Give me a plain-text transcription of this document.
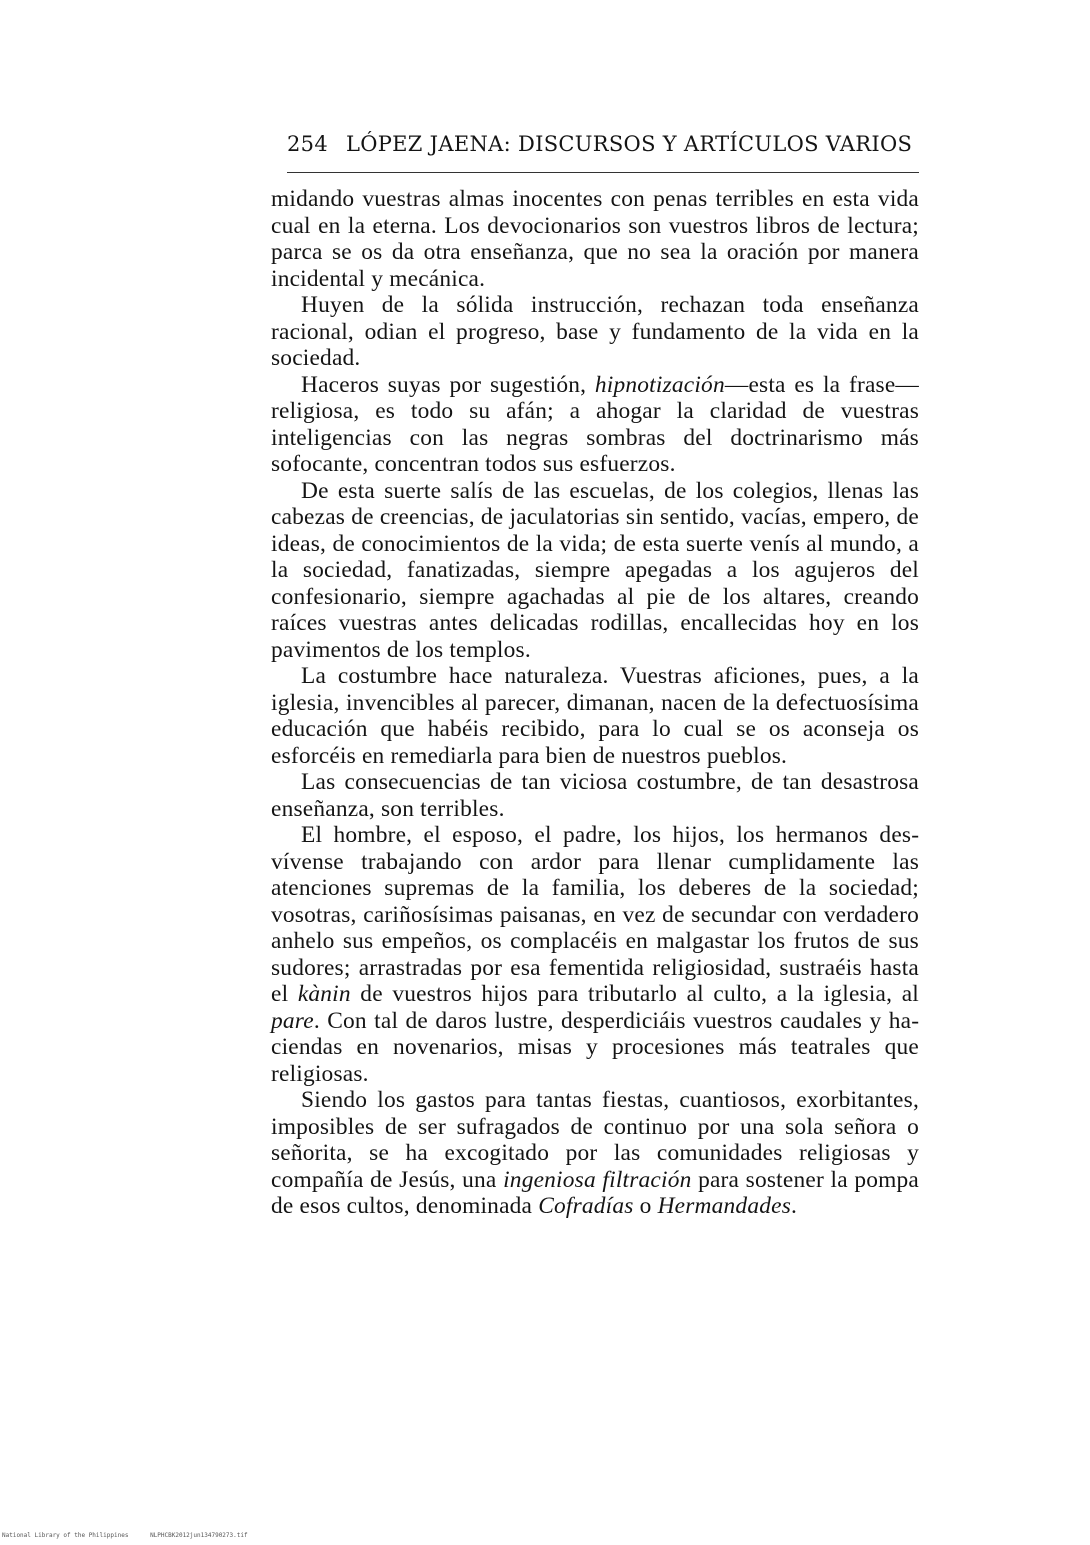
254 LÓPEZ JAENA: DISCURSOS Y ARTÍCULOS VARIOS

midando vuestras almas inocentes con penas terribles en esta vida cual en la eterna. Los devocionarios son vuestros libros de lectura; parca se os da otra enseñanza, que no sea la oración por manera incidental y mecánica.

Huyen de la sólida instrucción, rechazan toda enseñanza racional, odian el progreso, base y fundamento de la vida en la sociedad.

Haceros suyas por sugestión, hipnotización—esta es la frase—religiosa, es todo su afán; a ahogar la claridad de vuestras inteligencias con las negras sombras del doctrinarismo más sofocante, concentran todos sus esfuerzos.

De esta suerte salís de las escuelas, de los colegios, llenas las cabezas de creencias, de jaculatorias sin sentido, vacías, empero, de ideas, de conocimientos de la vida; de esta suerte venís al mundo, a la sociedad, fanatizadas, siempre apegadas a los agujeros del confesionario, siempre agachadas al pie de los altares, creando raíces vuestras antes delicadas rodillas, encallecidas hoy en los pavimentos de los templos.

La costumbre hace naturaleza. Vuestras aficiones, pues, a la iglesia, invencibles al parecer, dimanan, nacen de la defectuosísima educación que habéis recibido, para lo cual se os aconseja os esforcéis en remediarla para bien de nuestros pueblos.

Las consecuencias de tan viciosa costumbre, de tan desastrosa enseñanza, son terribles.

El hombre, el esposo, el padre, los hijos, los hermanos desvívense trabajando con ardor para llenar cumplidamente las atenciones supremas de la familia, los deberes de la sociedad; vosotras, cariñosísimas paisanas, en vez de secundar con verdadero anhelo sus empeños, os complacéis en malgastar los frutos de sus sudores; arrastradas por esa fementida religiosidad, sustraéis hasta el kànin de vuestros hijos para tributarlo al culto, a la iglesia, al pare. Con tal de daros lustre, desperdiciáis vuestros caudales y haciendas en novenarios, misas y procesiones más teatrales que religiosas.

Siendo los gastos para tantas fiestas, cuantiosos, exorbitantes, imposibles de ser sufragados de continuo por una sola señora o señorita, se ha excogitado por las comunidades religiosas y compañía de Jesús, una ingeniosa filtración para sostener la pompa de esos cultos, denominada Cofradías o Hermandades.

National Library of the Philippines	NLPHCBK2012jun134790273.tif
